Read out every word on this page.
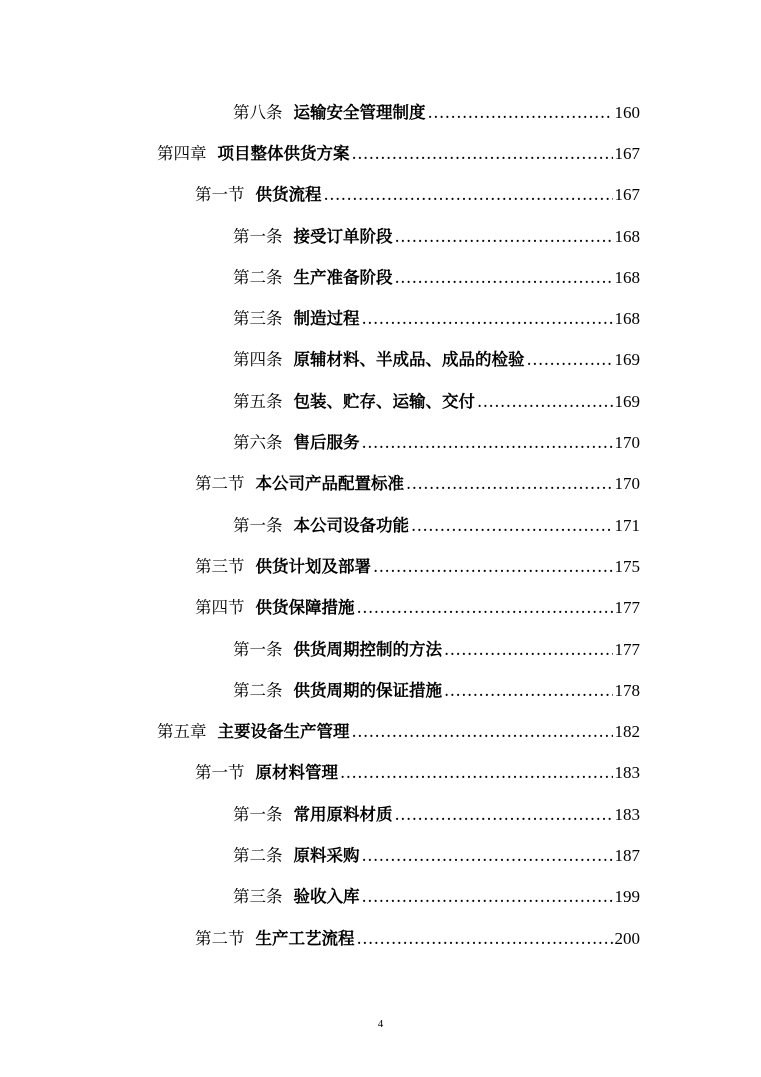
第八条 运输安全管理制度 .....	160
第四章 项目整体供货方案 .....	167
第一节 供货流程 .....	167
第一条 接受订单阶段 .....	168
第二条 生产准备阶段 .....	168
第三条 制造过程 .....	168
第四条 原辅材料、半成品、成品的检验 .....	169
第五条 包装、贮存、运输、交付 .....	169
第六条 售后服务 .....	170
第二节 本公司产品配置标准 .....	170
第一条 本公司设备功能 .....	171
第三节 供货计划及部署 .....	175
第四节 供货保障措施 .....	177
第一条 供货周期控制的方法 .....	177
第二条 供货周期的保证措施 .....	178
第五章 主要设备生产管理 .....	182
第一节 原材料管理 .....	183
第一条 常用原料材质 .....	183
第二条 原料采购 .....	187
第三条 验收入库 .....	199
第二节 生产工艺流程 .....	200
4
